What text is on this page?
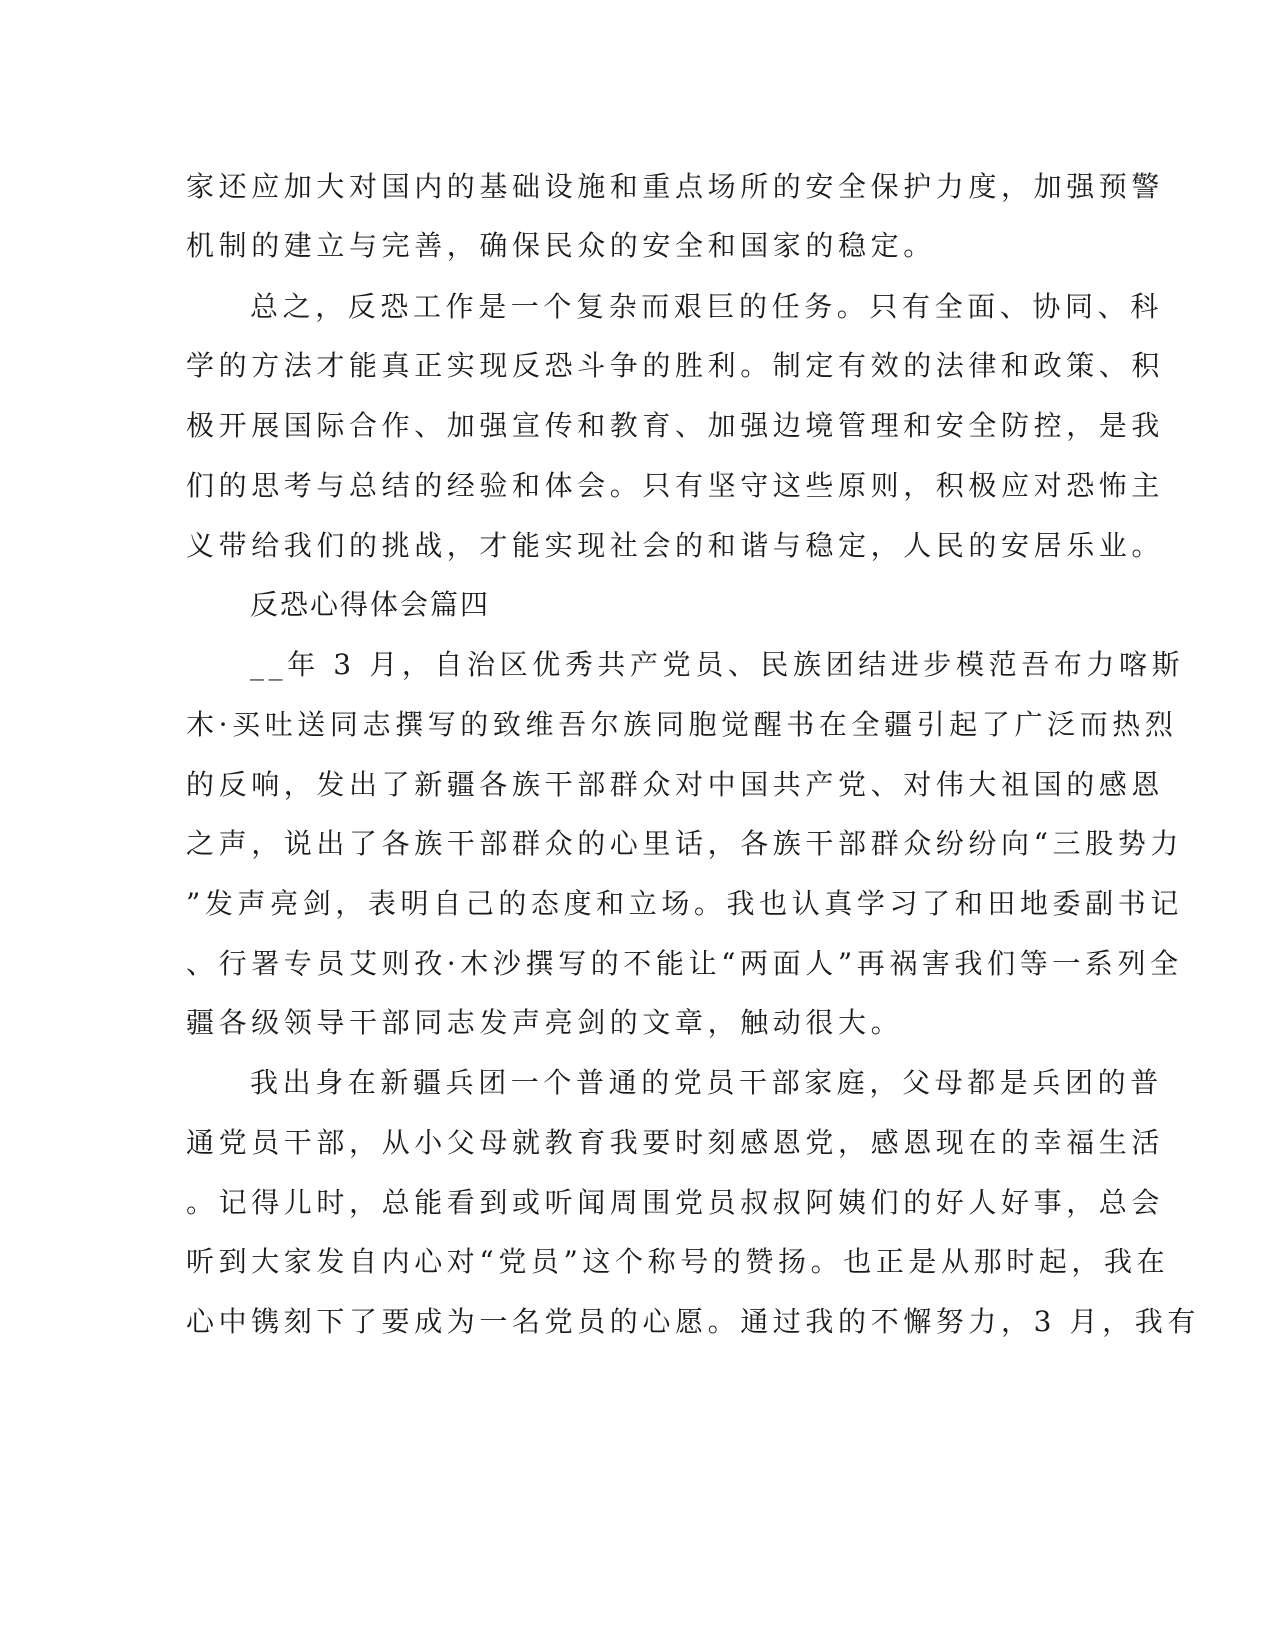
家还应加大对国内的基础设施和重点场所的安全保护力度，加强预警

机制的建立与完善，确保民众的安全和国家的稳定。

总之，反恐工作是一个复杂而艰巨的任务。只有全面、协同、科

学的方法才能真正实现反恐斗争的胜利。制定有效的法律和政策、积

极开展国际合作、加强宣传和教育、加强边境管理和安全防控，是我

们的思考与总结的经验和体会。只有坚守这些原则，积极应对恐怖主

义带给我们的挑战，才能实现社会的和谐与稳定，人民的安居乐业。

反恐心得体会篇四

__年 3 月，自治区优秀共产党员、民族团结进步模范吾布力喀斯

木·买吐送同志撰写的致维吾尔族同胞觉醒书在全疆引起了广泛而热烈

的反响，发出了新疆各族干部群众对中国共产党、对伟大祖国的感恩

之声，说出了各族干部群众的心里话，各族干部群众纷纷向“三股势力

”发声亮剑，表明自己的态度和立场。我也认真学习了和田地委副书记

、行署专员艾则孜·木沙撰写的不能让“两面人”再祸害我们等一系列全

疆各级领导干部同志发声亮剑的文章，触动很大。

我出身在新疆兵团一个普通的党员干部家庭，父母都是兵团的普

通党员干部，从小父母就教育我要时刻感恩党，感恩现在的幸福生活

。记得儿时，总能看到或听闻周围党员叔叔阿姨们的好人好事，总会

听到大家发自内心对“党员”这个称号的赞扬。也正是从那时起，我在

心中镌刻下了要成为一名党员的心愿。通过我的不懈努力，3 月，我有
